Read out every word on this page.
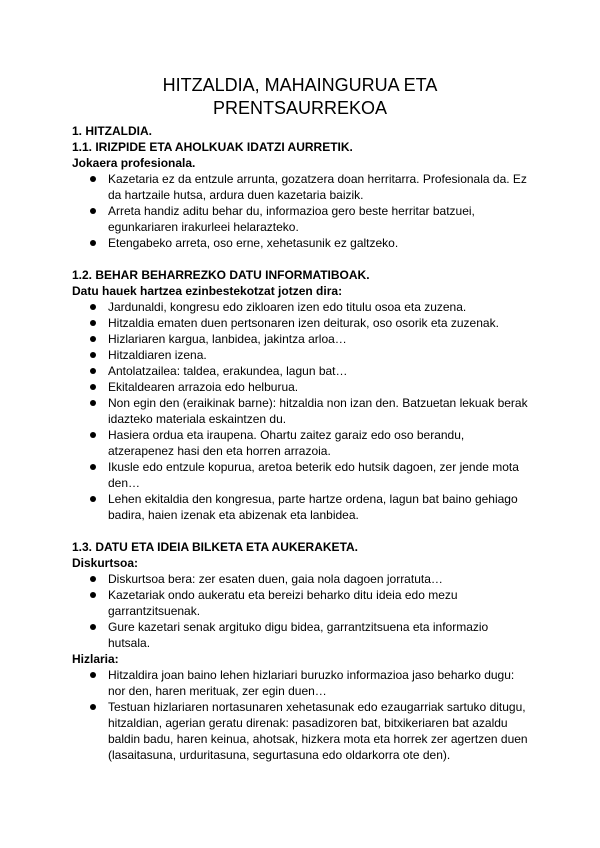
HITZALDIA, MAHAINGURUA ETA
PRENTSAURREKOA
1. HITZALDIA.
1.1. IRIZPIDE ETA AHOLKUAK IDATZI AURRETIK.
Jokaera profesionala.
Kazetaria ez da entzule arrunta, gozatzera doan herritarra. Profesionala da. Ez da hartzaile hutsa, ardura duen kazetaria baizik.
Arreta handiz aditu behar du, informazioa gero beste herritar batzuei, egunkariaren irakurleei helarazteko.
Etengabeko arreta, oso erne, xehetasunik ez galtzeko.
1.2. BEHAR BEHARREZKO DATU INFORMATIBOAK.
Datu hauek hartzea ezinbestekotzat jotzen dira:
Jardunaldi, kongresu edo zikloaren izen edo titulu osoa eta zuzena.
Hitzaldia ematen duen pertsonaren izen deiturak, oso osorik eta zuzenak.
Hizlariaren kargua, lanbidea, jakintza arloa…
Hitzaldiaren izena.
Antolatzailea: taldea, erakundea, lagun bat…
Ekitaldearen arrazoia edo helburua.
Non egin den (eraikinak barne): hitzaldia non izan den. Batzuetan lekuak berak idazteko materiala eskaintzen du.
Hasiera ordua eta iraupena. Ohartu zaitez garaiz edo oso berandu, atzerapenez hasi den eta horren arrazoia.
Ikusle edo entzule kopurua, aretoa beterik edo hutsik dagoen, zer jende mota den…
Lehen ekitaldia den kongresua, parte hartze ordena, lagun bat baino gehiago badira, haien izenak eta abizenak eta lanbidea.
1.3. DATU ETA IDEIA BILKETA ETA AUKERAKETA.
Diskurtsoa:
Diskurtsoa bera: zer esaten duen, gaia nola dagoen jorratuta…
Kazetariak ondo aukeratu eta bereizi beharko ditu ideia edo mezu garrantzitsuenak.
Gure kazetari senak argituko digu bidea, garrantzitsuena eta informazio hutsala.
Hizlaria:
Hitzaldira joan baino lehen hizlariari buruzko informazioa jaso beharko dugu: nor den, haren merituak, zer egin duen…
Testuan hizlariaren nortasunaren xehetasunak edo ezaugarriak sartuko ditugu, hitzaldian, agerian geratu direnak: pasadizoren bat, bitxikeriaren bat azaldu baldin badu, haren keinua, ahotsak, hizkera mota eta horrek zer agertzen duen (lasaitasuna, urduritasuna, segurtasuna edo oldarkorra ote den).
